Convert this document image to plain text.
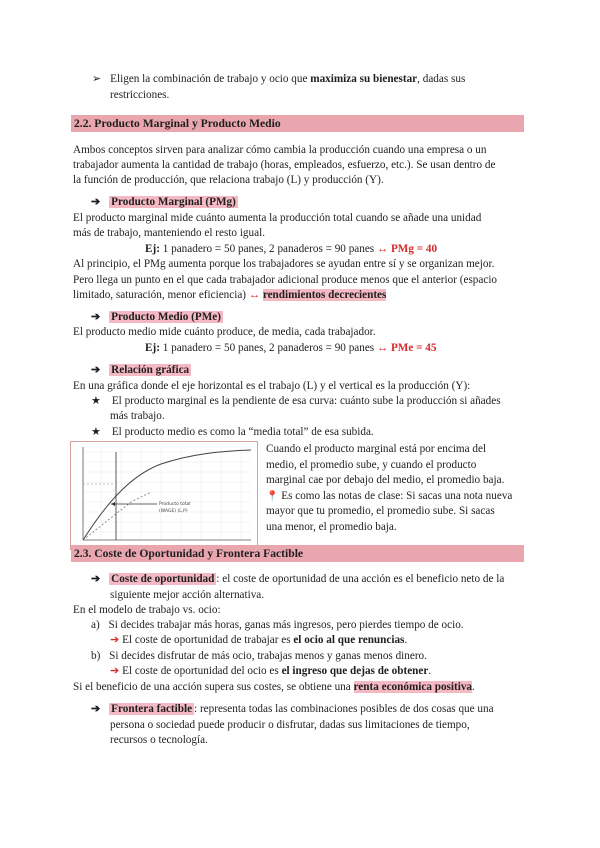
➢ Eligen la combinación de trabajo y ocio que maximiza su bienestar, dadas sus
restricciones.
2.2. Producto Marginal y Producto Medio
Ambos conceptos sirven para analizar cómo cambia la producción cuando una empresa o un
trabajador aumenta la cantidad de trabajo (horas, empleados, esfuerzo, etc.). Se usan dentro de
la función de producción, que relaciona trabajo (L) y producción (Y).
➔ Producto Marginal (PMg)
El producto marginal mide cuánto aumenta la producción total cuando se añade una unidad
más de trabajo, manteniendo el resto igual.
Ej: 1 panadero = 50 panes, 2 panaderos = 90 panes ↔ PMg = 40
Al principio, el PMg aumenta porque los trabajadores se ayudan entre sí y se organizan mejor.
Pero llega un punto en el que cada trabajador adicional produce menos que el anterior (espacio
limitado, saturación, menor eficiencia) ↔ rendimientos decrecientes
➔ Producto Medio (PMe)
El producto medio mide cuánto produce, de media, cada trabajador.
Ej: 1 panadero = 50 panes, 2 panaderos = 90 panes ↔ PMe = 45
➔ Relación gráfica
En una gráfica donde el eje horizontal es el trabajo (L) y el vertical es la producción (Y):
★ El producto marginal es la pendiente de esa curva: cuánto sube la producción si añades
más trabajo.
★ El producto medio es como la “media total” de esa subida.
Producto total
(WAGE) (L,P)
Cuando el producto marginal está por encima del
medio, el promedio sube, y cuando el producto
marginal cae por debajo del medio, el promedio baja.
📍 Es como las notas de clase: Si sacas una nota nueva
mayor que tu promedio, el promedio sube. Si sacas
una menor, el promedio baja.
2.3. Coste de Oportunidad y Frontera Factible
➔ Coste de oportunidad : el coste de oportunidad de una acción es el beneficio neto de la
siguiente mejor acción alternativa.
En el modelo de trabajo vs. ocio:
a) Si decides trabajar más horas, ganas más ingresos, pero pierdes tiempo de ocio.
➔ El coste de oportunidad de trabajar es el ocio al que renuncias.
b) Si decides disfrutar de más ocio, trabajas menos y ganas menos dinero.
➔ El coste de oportunidad del ocio es el ingreso que dejas de obtener.
Si el beneficio de una acción supera sus costes, se obtiene una renta económica positiva.
➔ Frontera factible : representa todas las combinaciones posibles de dos cosas que una
persona o sociedad puede producir o disfrutar, dadas sus limitaciones de tiempo,
recursos o tecnología.
